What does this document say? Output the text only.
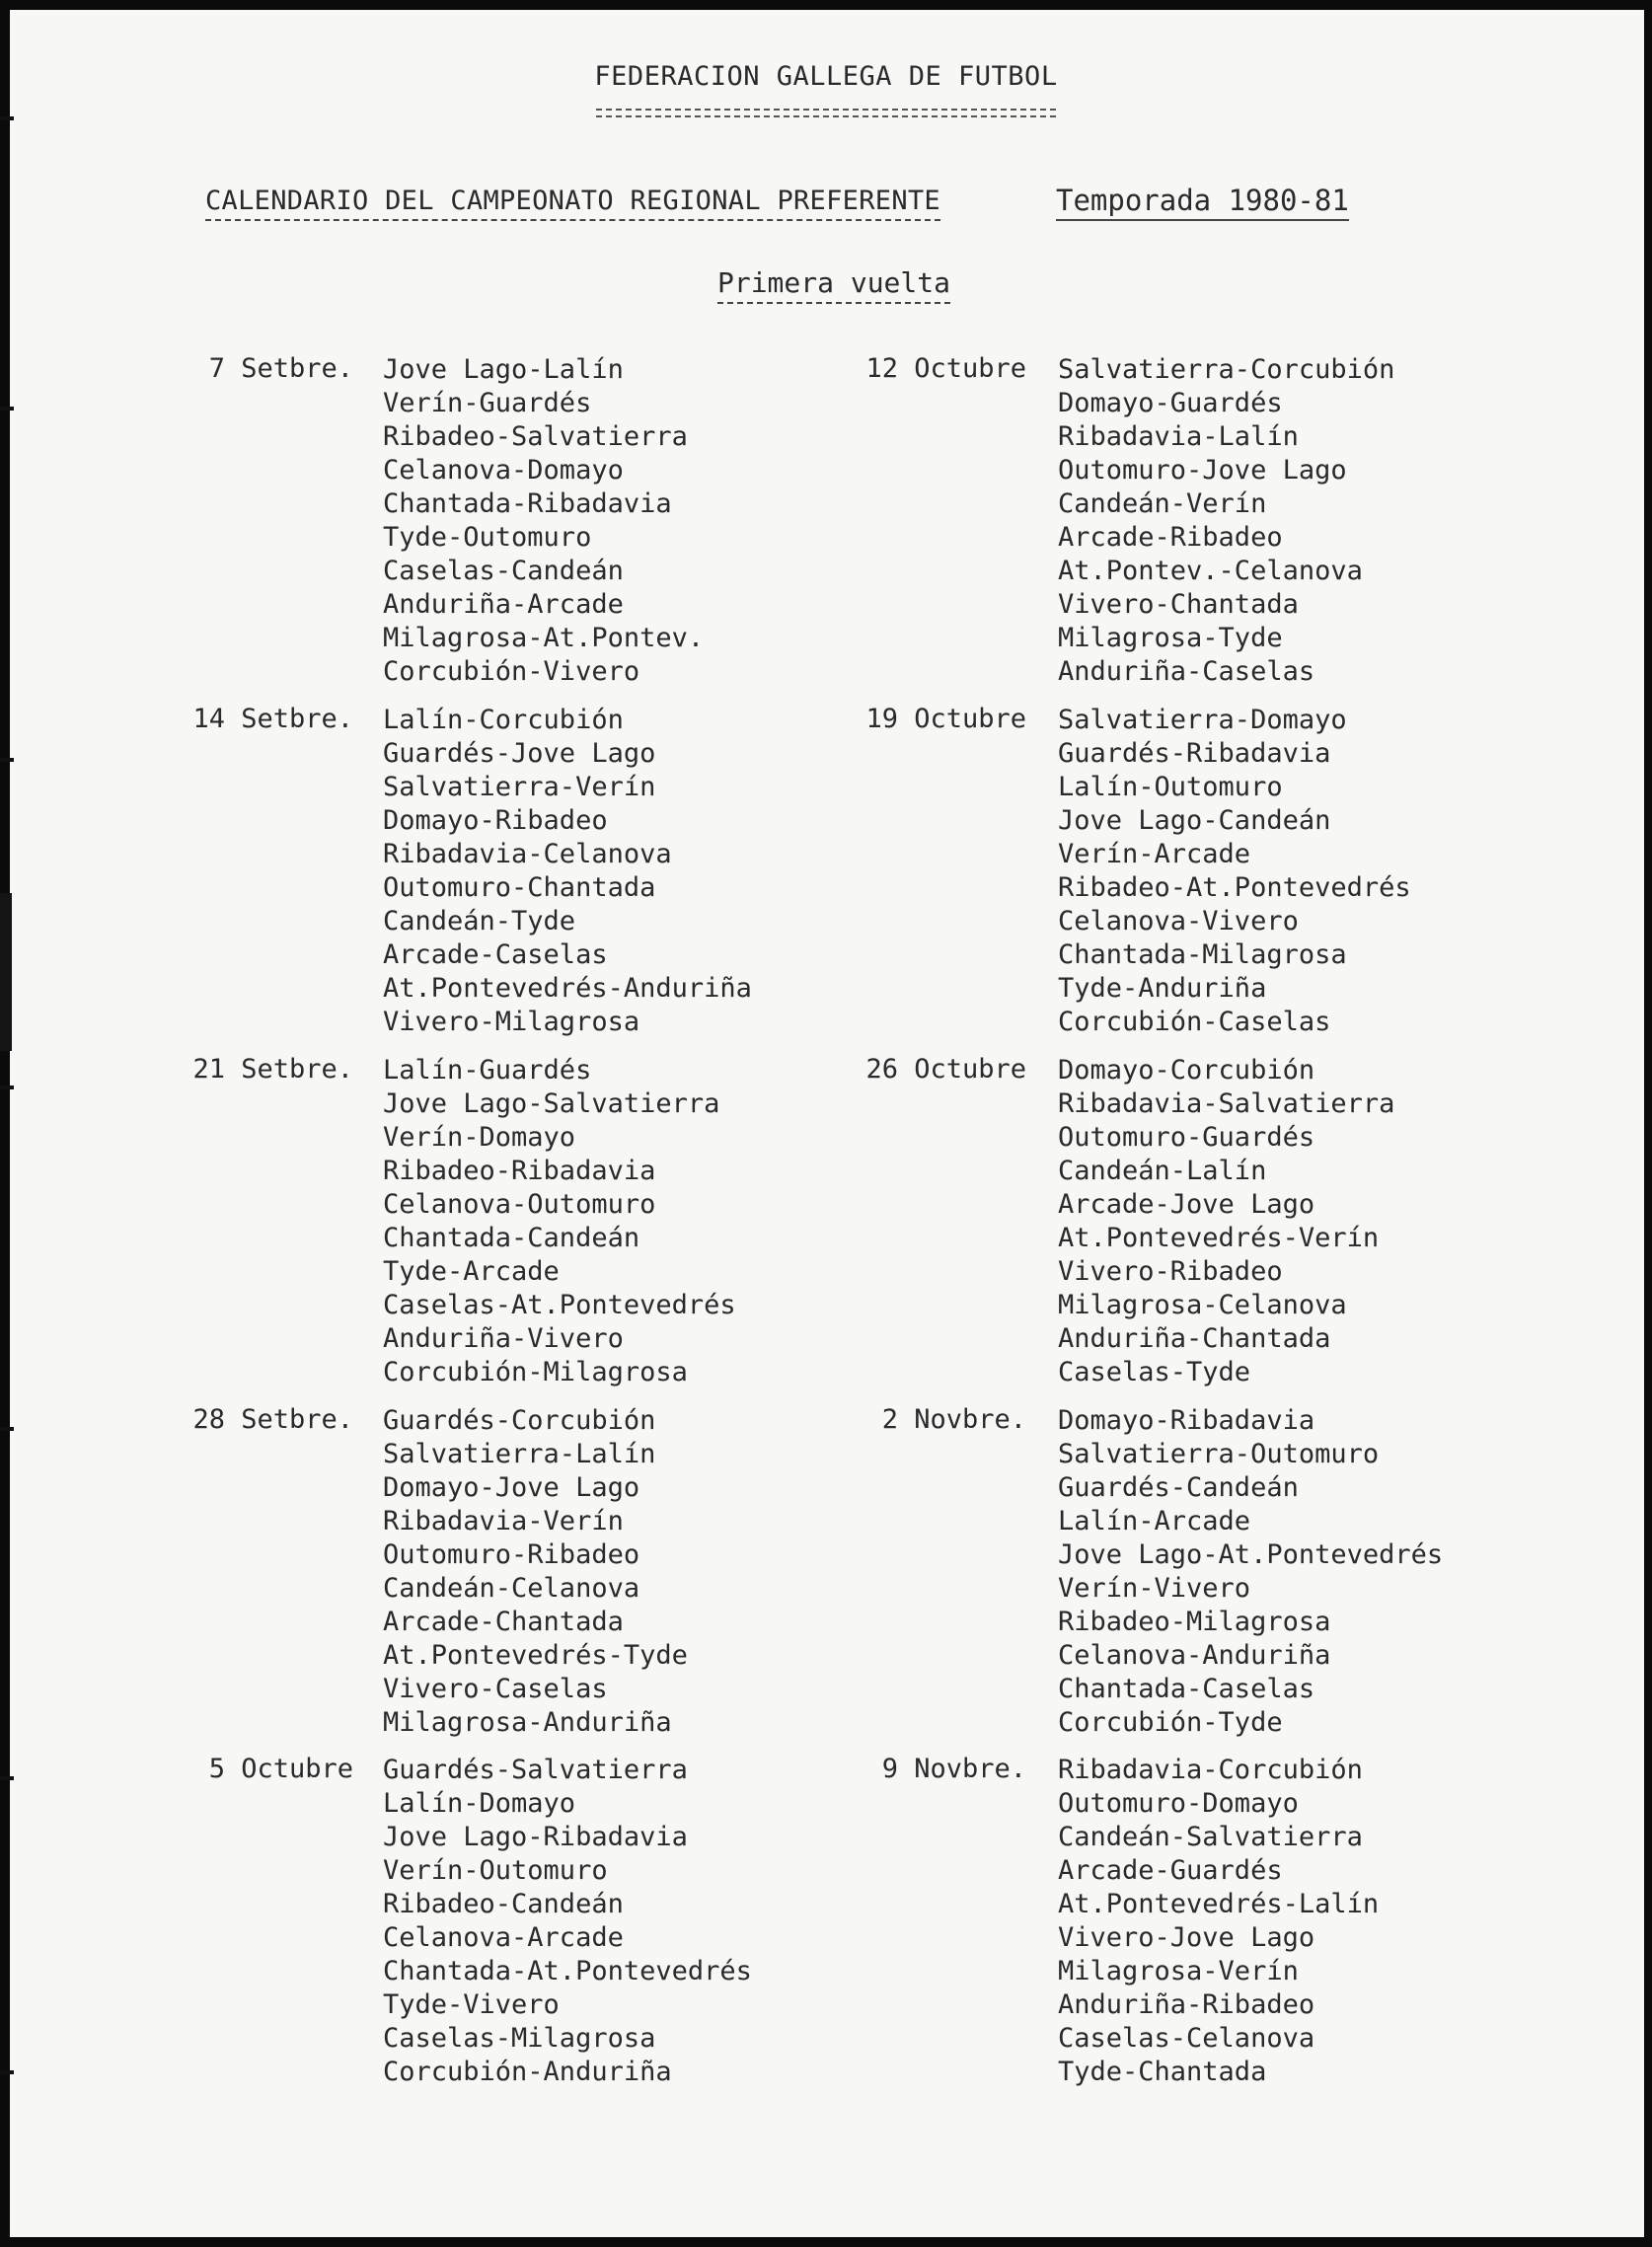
FEDERACION GALLEGA DE FUTBOL
CALENDARIO DEL CAMPEONATO REGIONAL PREFERENTE	Temporada 1980-81
Primera vuelta
7 Setbre. Jove Lago-Lalín
Verín-Guardés
Ribadeo-Salvatierra
Celanova-Domayo
Chantada-Ribadavia
Tyde-Outomuro
Caselas-Candeán
Anduriña-Arcade
Milagrosa-At.Pontev.
Corcubión-Vivero
14 Setbre. Lalín-Corcubión
Guardés-Jove Lago
Salvatierra-Verín
Domayo-Ribadeo
Ribadavia-Celanova
Outomuro-Chantada
Candeán-Tyde
Arcade-Caselas
At.Pontevedrés-Anduriña
Vivero-Milagrosa
21 Setbre. Lalín-Guardés
Jove Lago-Salvatierra
Verín-Domayo
Ribadeo-Ribadavia
Celanova-Outomuro
Chantada-Candeán
Tyde-Arcade
Caselas-At.Pontevedrés
Anduriña-Vivero
Corcubión-Milagrosa
28 Setbre. Guardés-Corcubión
Salvatierra-Lalín
Domayo-Jove Lago
Ribadavia-Verín
Outomuro-Ribadeo
Candeán-Celanova
Arcade-Chantada
At.Pontevedrés-Tyde
Vivero-Caselas
Milagrosa-Anduriña
5 Octubre Guardés-Salvatierra
Lalín-Domayo
Jove Lago-Ribadavia
Verín-Outomuro
Ribadeo-Candeán
Celanova-Arcade
Chantada-At.Pontevedrés
Tyde-Vivero
Caselas-Milagrosa
Corcubión-Anduriña
12 Octubre Salvatierra-Corcubión
Domayo-Guardés
Ribadavia-Lalín
Outomuro-Jove Lago
Candeán-Verín
Arcade-Ribadeo
At.Pontev.-Celanova
Vivero-Chantada
Milagrosa-Tyde
Anduriña-Caselas
19 Octubre Salvatierra-Domayo
Guardés-Ribadavia
Lalín-Outomuro
Jove Lago-Candeán
Verín-Arcade
Ribadeo-At.Pontevedrés
Celanova-Vivero
Chantada-Milagrosa
Tyde-Anduriña
Corcubión-Caselas
26 Octubre Domayo-Corcubión
Ribadavia-Salvatierra
Outomuro-Guardés
Candeán-Lalín
Arcade-Jove Lago
At.Pontevedrés-Verín
Vivero-Ribadeo
Milagrosa-Celanova
Anduriña-Chantada
Caselas-Tyde
2 Novbre. Domayo-Ribadavia
Salvatierra-Outomuro
Guardés-Candeán
Lalín-Arcade
Jove Lago-At.Pontevedrés
Verín-Vivero
Ribadeo-Milagrosa
Celanova-Anduriña
Chantada-Caselas
Corcubión-Tyde
9 Novbre. Ribadavia-Corcubión
Outomuro-Domayo
Candeán-Salvatierra
Arcade-Guardés
At.Pontevedrés-Lalín
Vivero-Jove Lago
Milagrosa-Verín
Anduriña-Ribadeo
Caselas-Celanova
Tyde-Chantada
